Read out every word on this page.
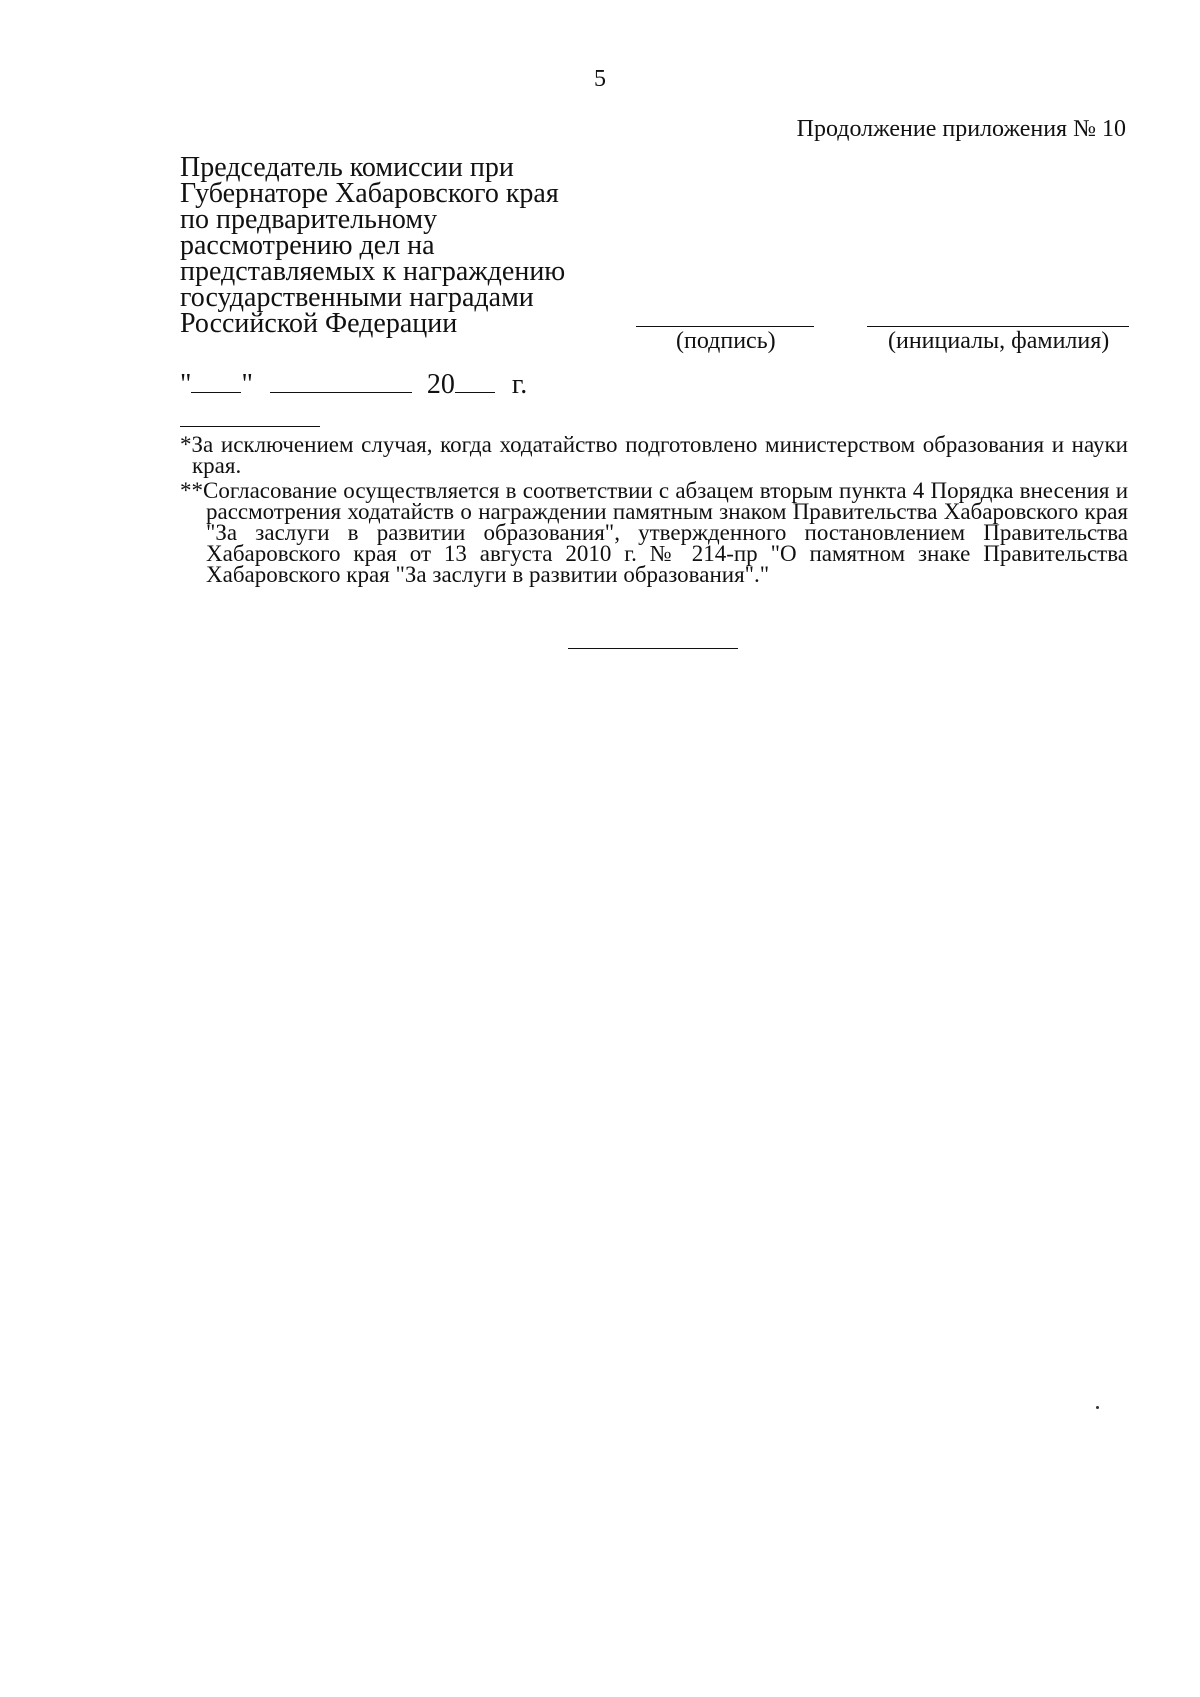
5
Продолжение приложения № 10
Председатель комиссии при
Губернаторе Хабаровского края
по предварительному
рассмотрению дел на
представляемых к награждению
государственными наградами
Российской Федерации
(подпись)	(инициалы, фамилия)
" "	20 г.
*За исключением случая, когда ходатайство подготовлено министерством образования и науки края.
**Согласование осуществляется в соответствии с абзацем вторым пункта 4 Порядка внесения и рассмотрения ходатайств о награждении памятным знаком Правительства Хабаровского края "За заслуги в развитии образования", утвержденного постановлением Правительства Хабаровского края от 13 августа 2010 г. № 214-пр "О памятном знаке Правительства Хабаровского края "За заслуги в развитии образования"."
